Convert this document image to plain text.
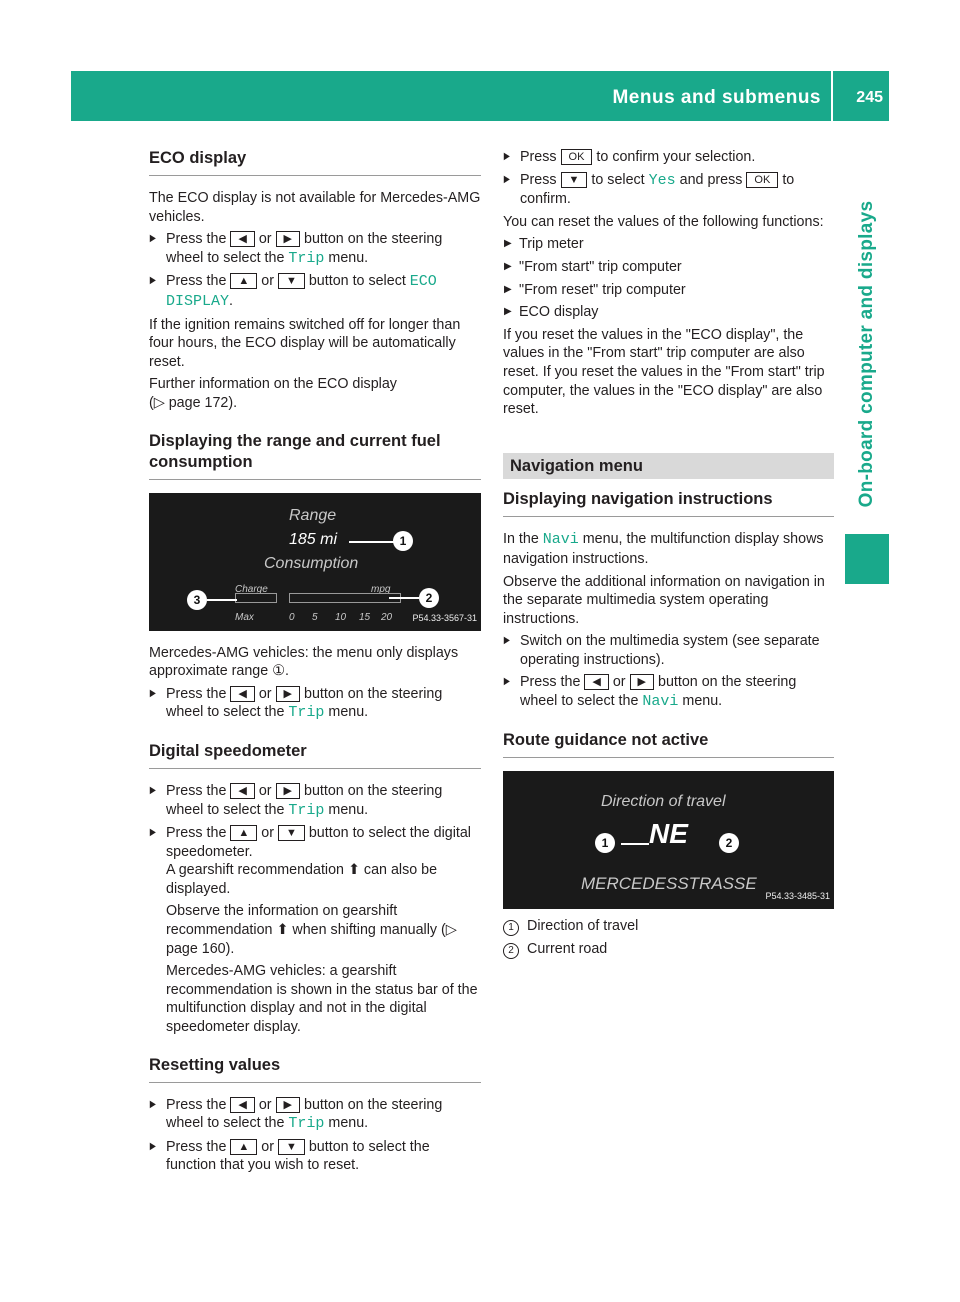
Menus and submenus 245
On-board computer and displays
ECO display

The ECO display is not available for Mercedes-AMG vehicles.

▶ Press the ◀ or ▶ button on the steering wheel to select the Trip menu.
▶ Press the ▲ or ▼ button to select ECO DISPLAY.

If the ignition remains switched off for longer than four hours, the ECO display will be automatically reset.

Further information on the ECO display
(▷ page 172).

Displaying the range and current fuel consumption
Range
185 mi
Consumption
Charge	mpg
Max	0 5 10 15 20
1
2
3
P54.33-3567-31

Mercedes-AMG vehicles: the menu only displays approximate range ①.

▶ Press the ◀ or ▶ button on the steering wheel to select the Trip menu.
Digital speedometer
▶ Press the ◀ or ▶ button on the steering wheel to select the Trip menu.
▶ Press the ▲ or ▼ button to select the digital speedometer.
A gearshift recommendation ⬆ can also be displayed.
Observe the information on gearshift recommendation ⬆ when shifting manually (▷ page 160).
Mercedes-AMG vehicles: a gearshift recommendation is shown in the status bar of the multifunction display and not in the digital speedometer display.
Resetting values
▶ Press the ◀ or ▶ button on the steering wheel to select the Trip menu.
▶ Press the ▲ or ▼ button to select the function that you wish to reset.
▶ Press OK to confirm your selection.
▶ Press ▼ to select Yes and press OK to confirm.

You can reset the values of the following functions:

▶ Trip meter
▶ "From start" trip computer
▶ "From reset" trip computer
▶ ECO display

If you reset the values in the "ECO display", the values in the "From start" trip computer are also reset. If you reset the values in the "From start" trip computer, the values in the "ECO display" are also reset.

Navigation menu
Displaying navigation instructions

In the Navi menu, the multifunction display shows navigation instructions.

Observe the additional information on navigation in the separate multimedia system operating instructions.

▶ Switch on the multimedia system (see separate operating instructions).
▶ Press the ◀ or ▶ button on the steering wheel to select the Navi menu.
Route guidance not active
Direction of travel
NE
MERCEDESSTRASSE
1	2
P54.33-3485-31

1 Direction of travel

2 Current road
